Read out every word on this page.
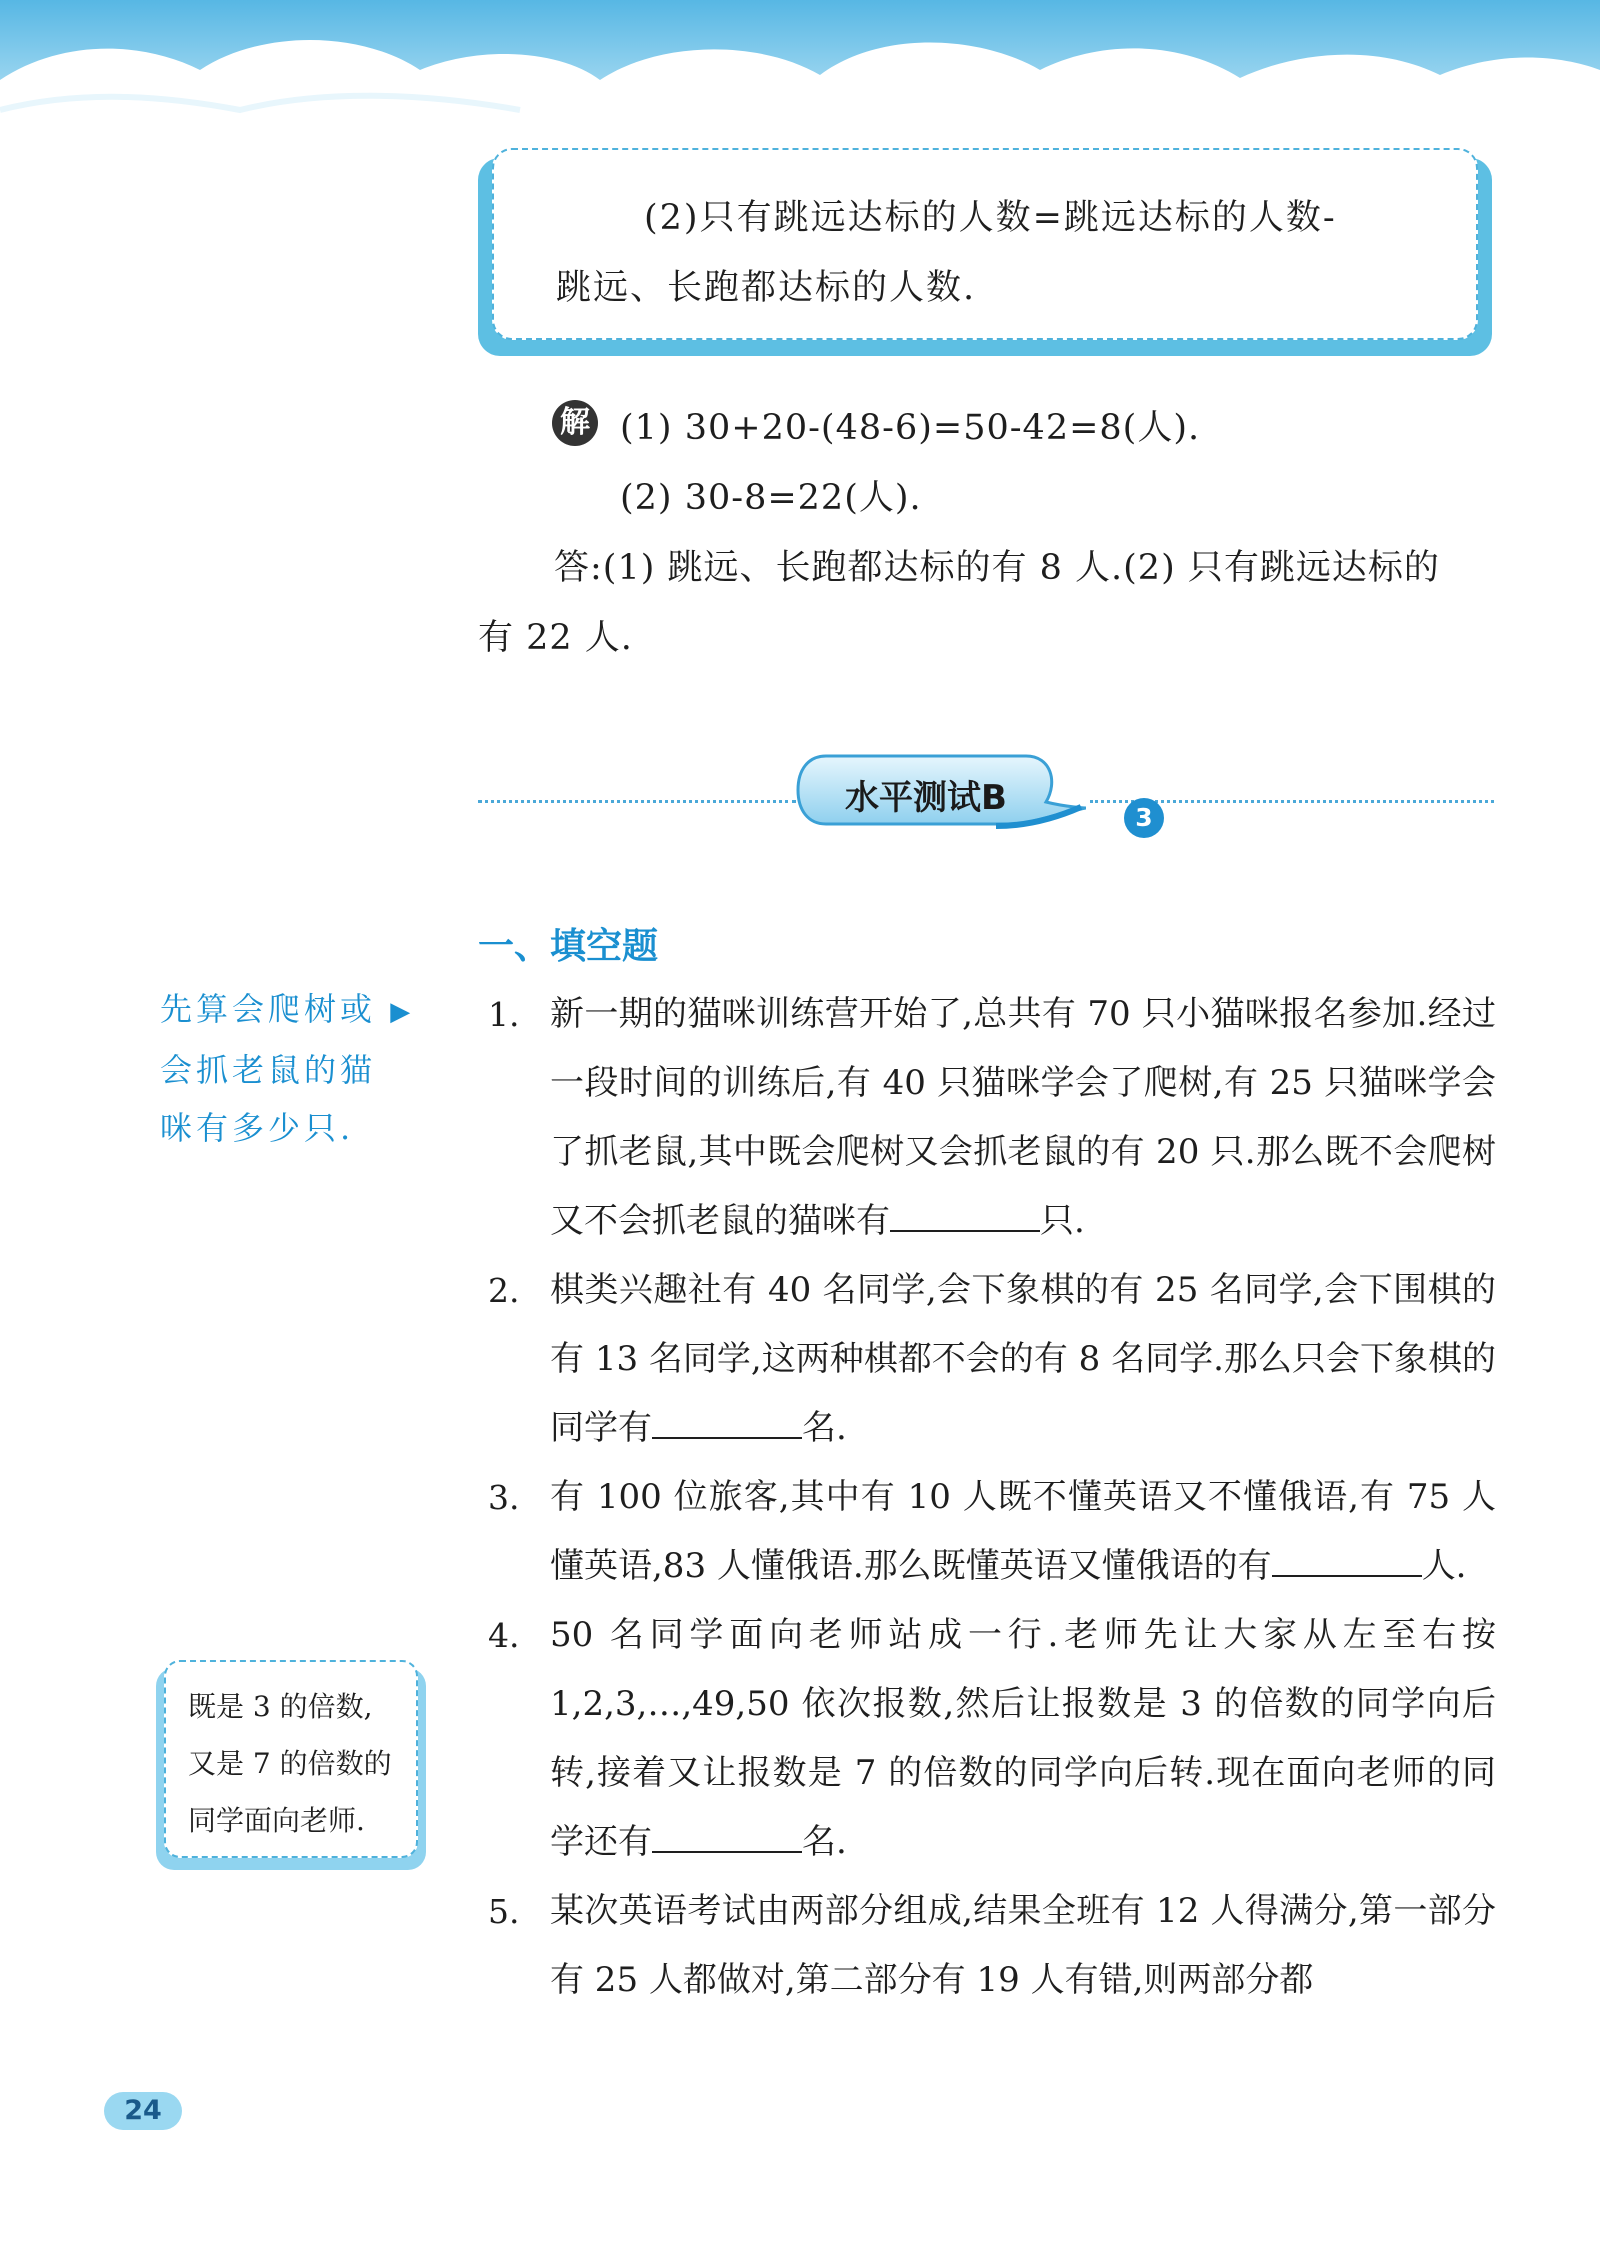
(2)只有跳远达标的人数=跳远达标的人数-
跳远、长跑都达标的人数.
解 (1) 30+20-(48-6)=50-42=8(人).
(2) 30-8=22(人).
答:(1) 跳远、长跑都达标的有 8 人.(2) 只有跳远达标的
有 22 人.
水平测试B	3
一、填空题
先算会爬树或 ▶
会抓老鼠的猫
咪有多少只.
既是 3 的倍数,
又是 7 的倍数的
同学面向老师.
1. 新一期的猫咪训练营开始了,总共有 70 只小猫咪报名参加.经过一段时间的训练后,有 40 只猫咪学会了爬树,有 25 只猫咪学会了抓老鼠,其中既会爬树又会抓老鼠的有 20 只.那么既不会爬树又不会抓老鼠的猫咪有	只.
2. 棋类兴趣社有 40 名同学,会下象棋的有 25 名同学,会下围棋的有 13 名同学,这两种棋都不会的有 8 名同学.那么只会下象棋的同学有	名.
3. 有 100 位旅客,其中有 10 人既不懂英语又不懂俄语,有 75 人懂英语,83 人懂俄语.那么既懂英语又懂俄语的有	人.
4. 50 名同学面向老师站成一行.老师先让大家从左至右按 1,2,3,…,49,50 依次报数,然后让报数是 3 的倍数的同学向后转,接着又让报数是 7 的倍数的同学向后转.现在面向老师的同学还有	名.
5. 某次英语考试由两部分组成,结果全班有 12 人得满分,第一部分有 25 人都做对,第二部分有 19 人有错,则两部分都
24
